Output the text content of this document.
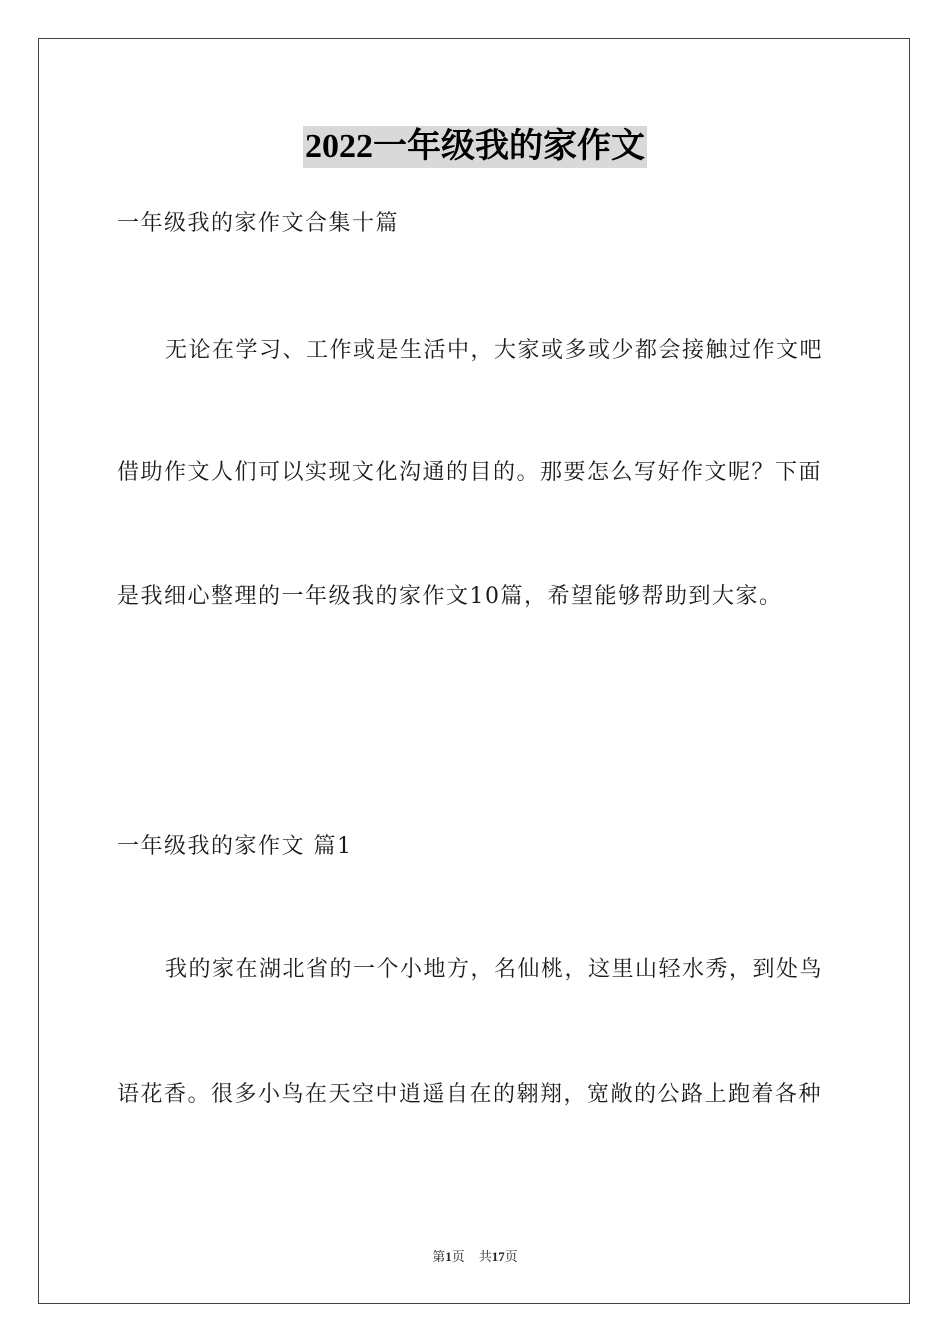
2022一年级我的家作文
一年级我的家作文合集十篇
无论在学习、工作或是生活中，大家或多或少都会接触过作文吧
借助作文人们可以实现文化沟通的目的。那要怎么写好作文呢？下面
是我细心整理的一年级我的家作文10篇，希望能够帮助到大家。
一年级我的家作文 篇1
我的家在湖北省的一个小地方，名仙桃，这里山轻水秀，到处鸟
语花香。很多小鸟在天空中逍遥自在的翱翔，宽敞的公路上跑着各种
第1页 共17页
